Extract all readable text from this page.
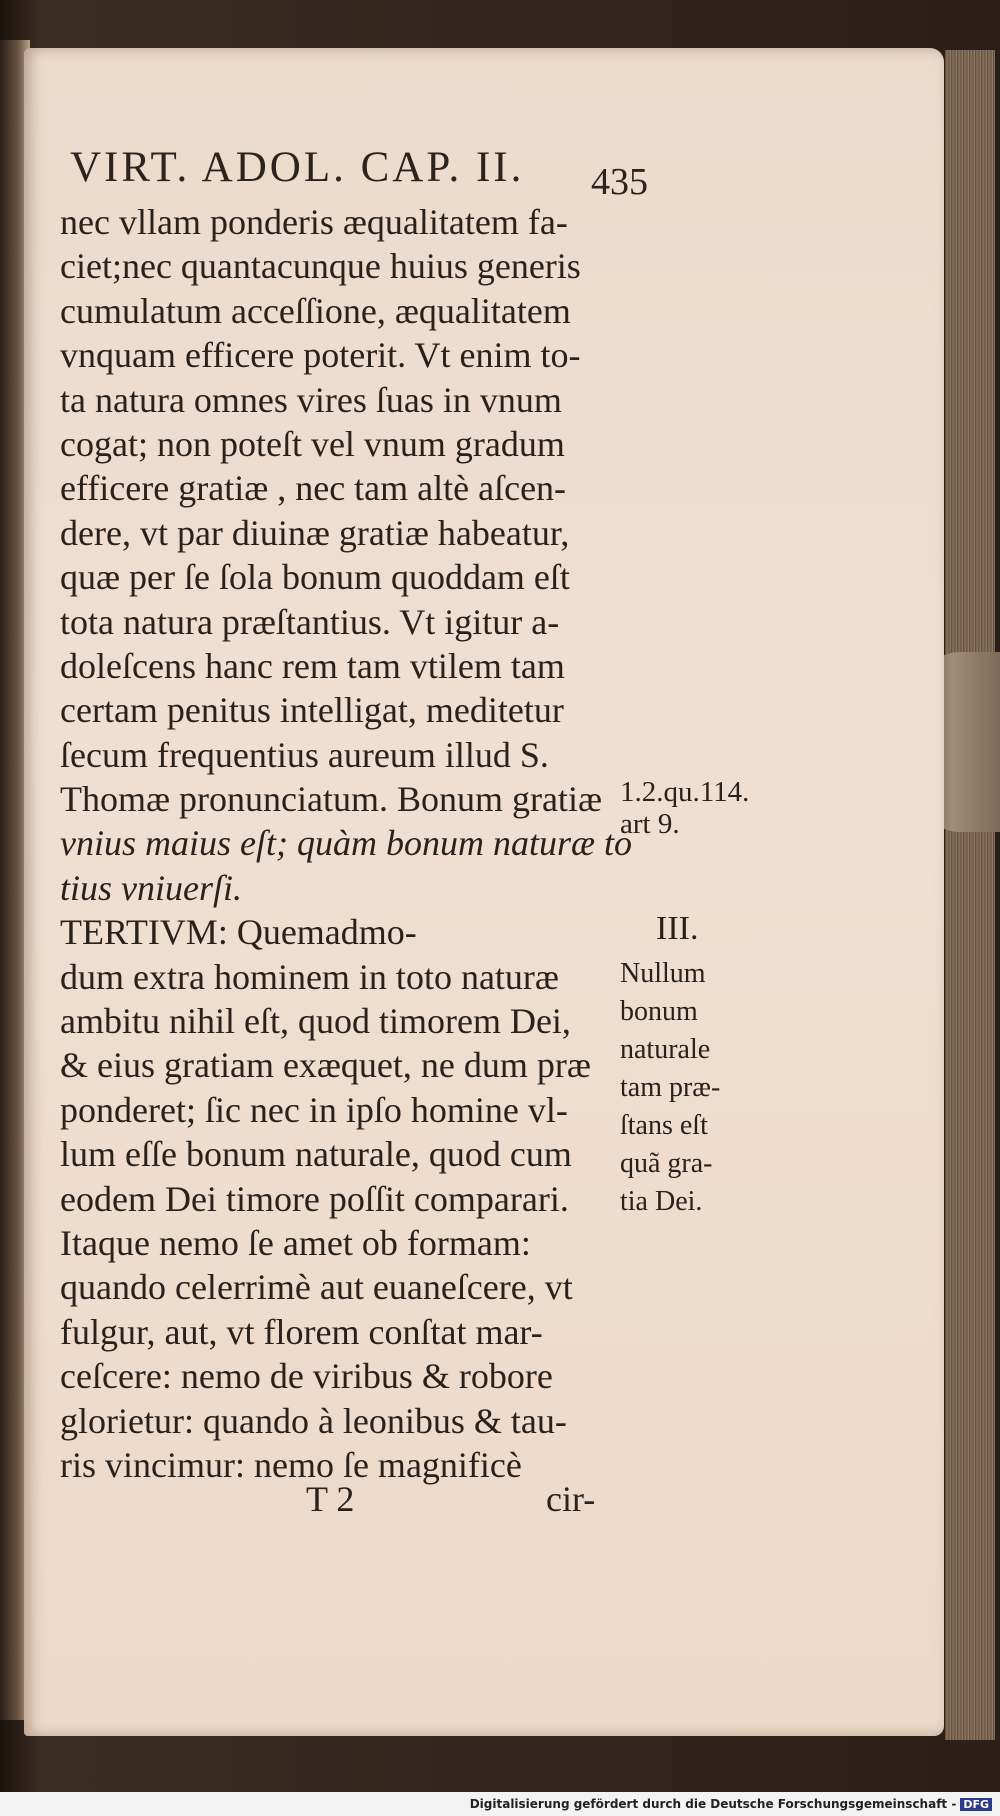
VIRT. ADOL. CAP. II.	435
nec vllam ponderis æqualitatem fa-
ciet;nec quantacunque huius generis
cumulatum acceſſione, æqualitatem
vnquam efficere poterit. Vt enim to-
ta natura omnes vires ſuas in vnum
cogat; non poteſt vel vnum gradum
efficere gratiæ , nec tam altè aſcen-
dere, vt par diuinæ gratiæ habeatur,
quæ per ſe ſola bonum quoddam eſt
tota natura præſtantius. Vt igitur a-
doleſcens hanc rem tam vtilem tam
certam penitus intelligat, meditetur
ſecum frequentius aureum illud S.
Thomæ pronunciatum. Bonum gratiæ
vnius maius eſt; quàm bonum naturæ to
tius vniuerſi.
TERTIVM: Quemadmo-
dum extra hominem in toto naturæ
ambitu nihil eſt, quod timorem Dei,
& eius gratiam exæquet, ne dum præ
ponderet; ſic nec in ipſo homine vl-
lum eſſe bonum naturale, quod cum
eodem Dei timore poſſit comparari.
Itaque nemo ſe amet ob formam:
quando celerrimè aut euaneſcere, vt
fulgur, aut, vt florem conſtat mar-
ceſcere: nemo de viribus & robore
glorietur: quando à leonibus & tau-
ris vincimur: nemo ſe magnificè
1.2.qu.114.
art 9.
III.
Nullum
bonum
naturale
tam præ-
ſtans eſt
quã gra-
tia Dei.
T 2	cir-
Digitalisierung gefördert durch die Deutsche Forschungsgemeinschaft - DFG
